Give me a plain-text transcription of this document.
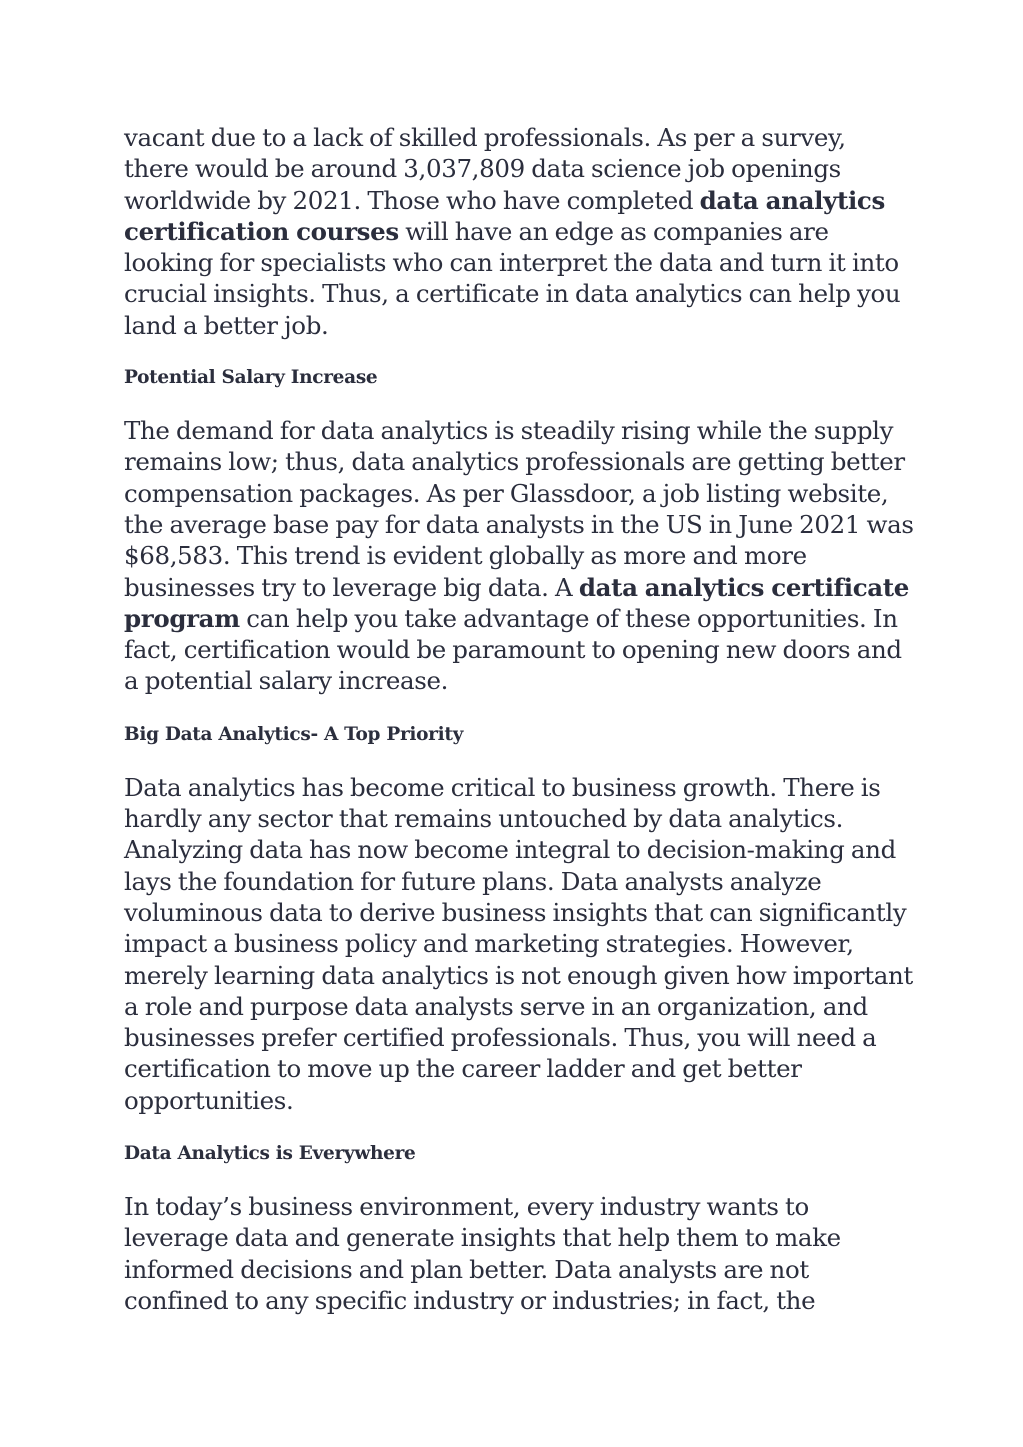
vacant due to a lack of skilled professionals. As per a survey, there would be around 3,037,809 data science job openings worldwide by 2021. Those who have completed data analytics certification courses will have an edge as companies are looking for specialists who can interpret the data and turn it into crucial insights. Thus, a certificate in data analytics can help you land a better job.

Potential Salary Increase

The demand for data analytics is steadily rising while the supply remains low; thus, data analytics professionals are getting better compensation packages. As per Glassdoor, a job listing website, the average base pay for data analysts in the US in June 2021 was $68,583. This trend is evident globally as more and more businesses try to leverage big data. A data analytics certificate program can help you take advantage of these opportunities. In fact, certification would be paramount to opening new doors and a potential salary increase.

Big Data Analytics- A Top Priority

Data analytics has become critical to business growth. There is hardly any sector that remains untouched by data analytics. Analyzing data has now become integral to decision-making and lays the foundation for future plans. Data analysts analyze voluminous data to derive business insights that can significantly impact a business policy and marketing strategies. However, merely learning data analytics is not enough given how important a role and purpose data analysts serve in an organization, and businesses prefer certified professionals. Thus, you will need a certification to move up the career ladder and get better opportunities.

Data Analytics is Everywhere

In today’s business environment, every industry wants to leverage data and generate insights that help them to make informed decisions and plan better. Data analysts are not confined to any specific industry or industries; in fact, the
